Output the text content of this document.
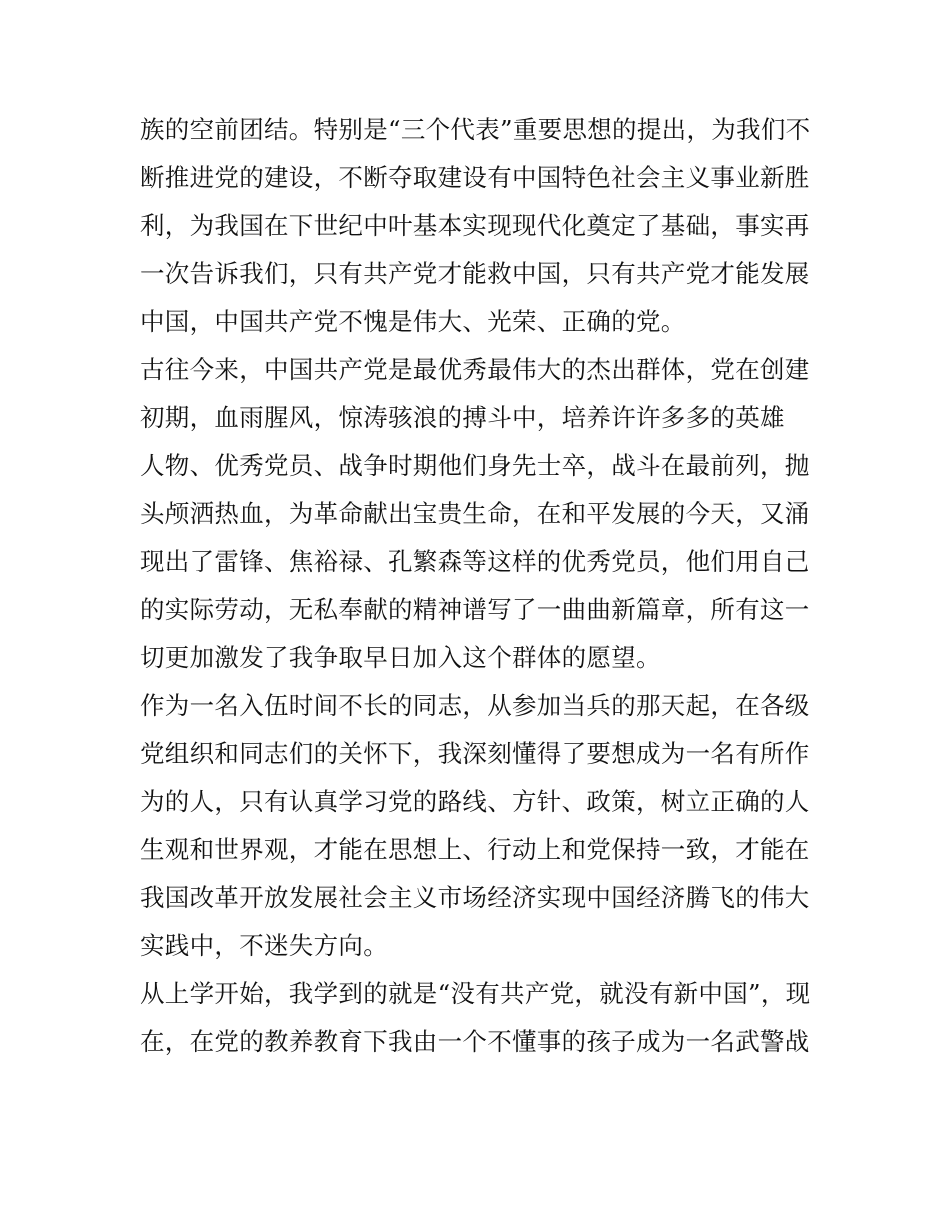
族的空前团结。特别是“三个代表”重要思想的提出，为我们不
断推进党的建设，不断夺取建设有中国特色社会主义事业新胜
利，为我国在下世纪中叶基本实现现代化奠定了基础，事实再
一次告诉我们，只有共产党才能救中国，只有共产党才能发展
中国，中国共产党不愧是伟大、光荣、正确的党。
古往今来，中国共产党是最优秀最伟大的杰出群体，党在创建
初期，血雨腥风，惊涛骇浪的搏斗中，培养许许多多的英雄
人物、优秀党员、战争时期他们身先士卒，战斗在最前列，抛
头颅洒热血，为革命献出宝贵生命，在和平发展的今天，又涌
现出了雷锋、焦裕禄、孔繁森等这样的优秀党员，他们用自己
的实际劳动，无私奉献的精神谱写了一曲曲新篇章，所有这一
切更加激发了我争取早日加入这个群体的愿望。
作为一名入伍时间不长的同志，从参加当兵的那天起，在各级
党组织和同志们的关怀下，我深刻懂得了要想成为一名有所作
为的人，只有认真学习党的路线、方针、政策，树立正确的人
生观和世界观，才能在思想上、行动上和党保持一致，才能在
我国改革开放发展社会主义市场经济实现中国经济腾飞的伟大
实践中，不迷失方向。
从上学开始，我学到的就是“没有共产党，就没有新中国”，现
在，在党的教养教育下我由一个不懂事的孩子成为一名武警战
